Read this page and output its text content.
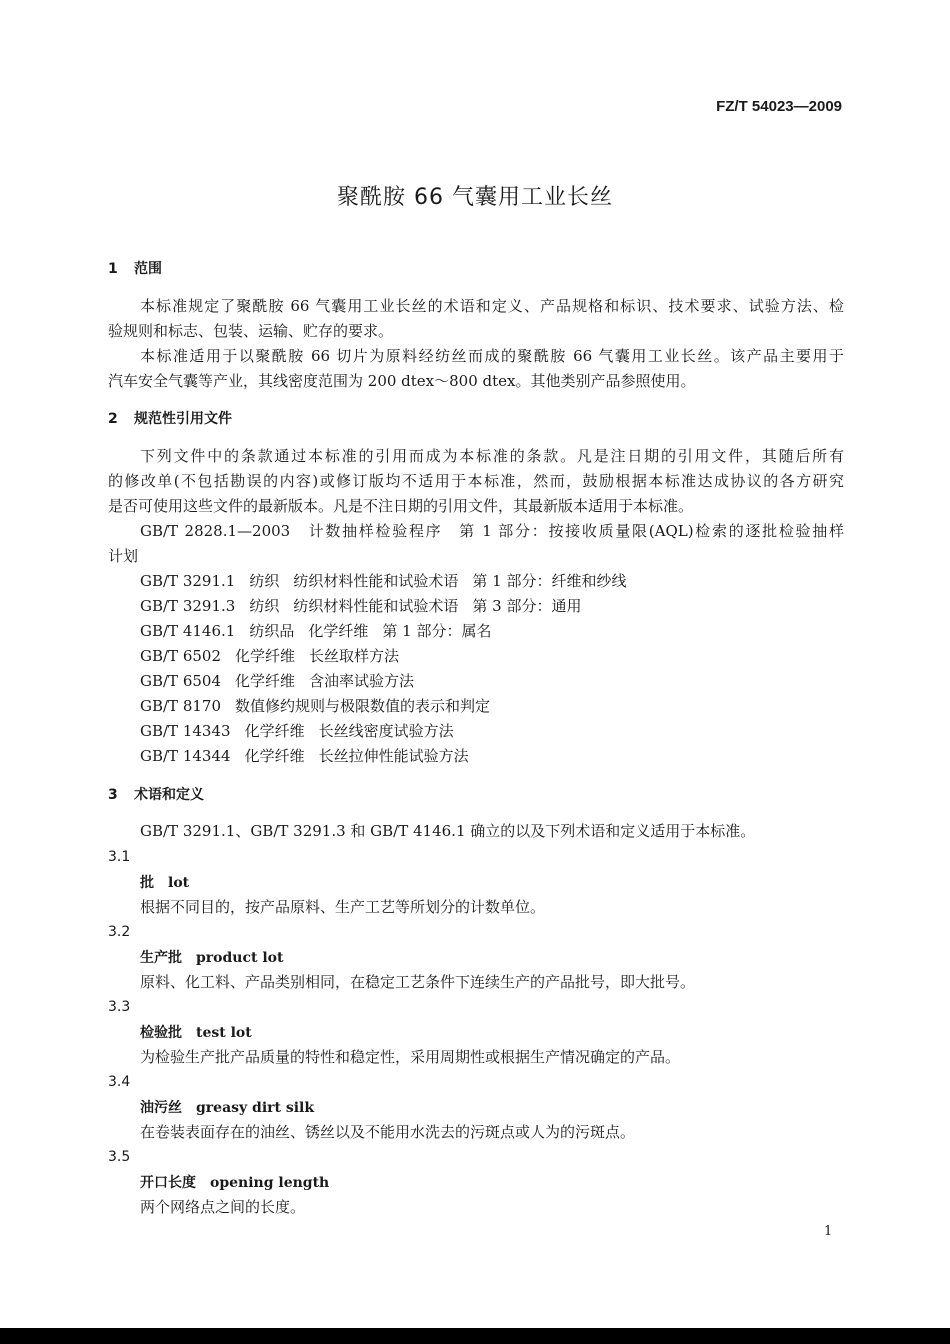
FZ/T 54023—2009
聚酰胺 66 气囊用工业长丝
1 范围
本标准规定了聚酰胺 66 气囊用工业长丝的术语和定义、产品规格和标识、技术要求、试验方法、检
验规则和标志、包装、运输、贮存的要求。
本标准适用于以聚酰胺 66 切片为原料经纺丝而成的聚酰胺 66 气囊用工业长丝。该产品主要用于
汽车安全气囊等产业，其线密度范围为 200 dtex～800 dtex。其他类别产品参照使用。
2 规范性引用文件
下列文件中的条款通过本标准的引用而成为本标准的条款。凡是注日期的引用文件，其随后所有
的修改单(不包括勘误的内容)或修订版均不适用于本标准，然而，鼓励根据本标准达成协议的各方研究
是否可使用这些文件的最新版本。凡是不注日期的引用文件，其最新版本适用于本标准。
GB/T 2828.1—2003　计数抽样检验程序　第 1 部分：按接收质量限(AQL)检索的逐批检验抽样
计划
GB/T 3291.1 纺织 纺织材料性能和试验术语 第 1 部分：纤维和纱线
GB/T 3291.3 纺织 纺织材料性能和试验术语 第 3 部分：通用
GB/T 4146.1 纺织品 化学纤维 第 1 部分：属名
GB/T 6502 化学纤维 长丝取样方法
GB/T 6504 化学纤维 含油率试验方法
GB/T 8170 数值修约规则与极限数值的表示和判定
GB/T 14343 化学纤维 长丝线密度试验方法
GB/T 14344 化学纤维 长丝拉伸性能试验方法
3 术语和定义
GB/T 3291.1、GB/T 3291.3 和 GB/T 4146.1 确立的以及下列术语和定义适用于本标准。
3.1
批 lot
根据不同目的，按产品原料、生产工艺等所划分的计数单位。
3.2
生产批 product lot
原料、化工料、产品类别相同，在稳定工艺条件下连续生产的产品批号，即大批号。
3.3
检验批 test lot
为检验生产批产品质量的特性和稳定性，采用周期性或根据生产情况确定的产品。
3.4
油污丝 greasy dirt silk
在卷装表面存在的油丝、锈丝以及不能用水洗去的污斑点或人为的污斑点。
3.5
开口长度 opening length
两个网络点之间的长度。
1
